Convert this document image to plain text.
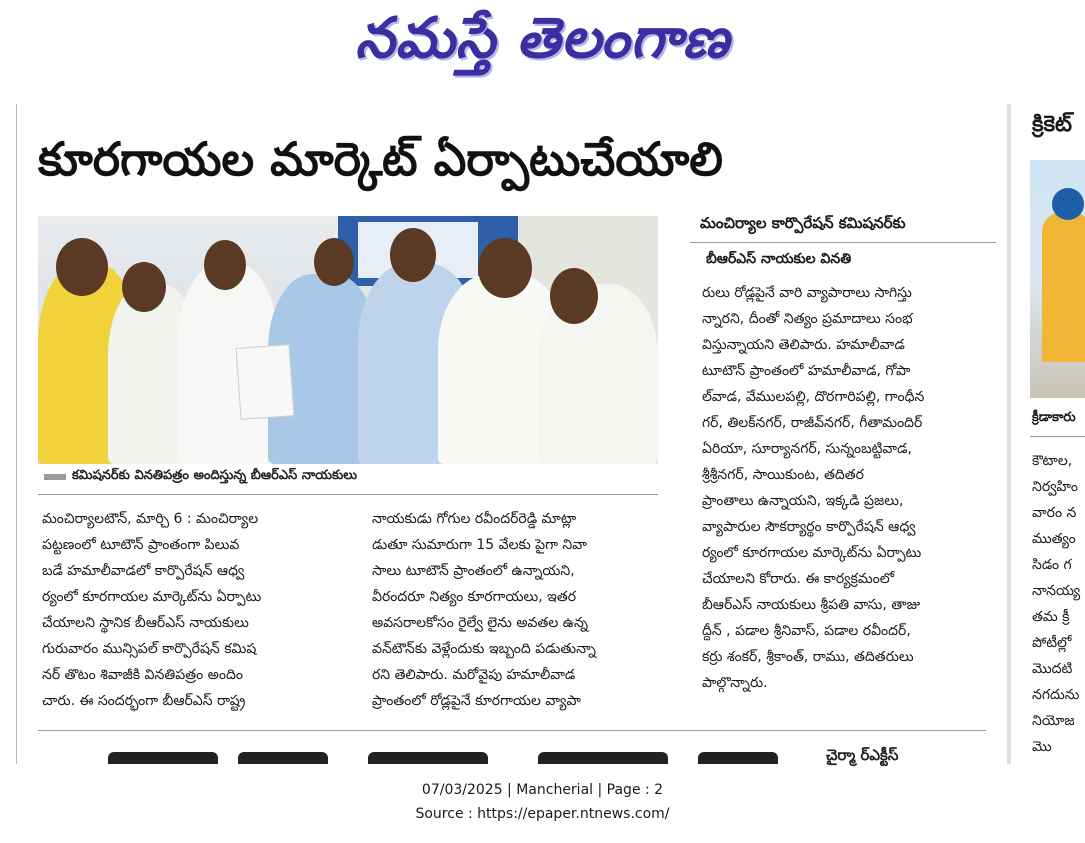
నమస్తే తెలంగాణ
కూరగాయల మార్కెట్ ఏర్పాటుచేయాలి
క్రికెట్
కమిషనర్‌కు వినతిపత్రం అందిస్తున్న బీఆర్‌ఎస్ నాయకులు
మంచిర్యాల కార్పొరేషన్ కమిషనర్‌కు
బీఆర్‌ఎస్ నాయకుల వినతి

మంచిర్యాలటౌన్, మార్చి 6 : మంచిర్యాల

పట్టణంలో టూటౌన్ ప్రాంతంగా పిలువ

బడే హమాలీవాడలో కార్పొరేషన్ ఆధ్వ

ర్యంలో కూరగాయల మార్కెట్‌ను ఏర్పాటు

చేయాలని స్థానిక బీఆర్‌ఎస్ నాయకులు

గురువారం మున్సిపల్ కార్పొరేషన్ కమిష

నర్ తొటం శివాజీకి వినతిపత్రం అందిం

చారు. ఈ సందర్భంగా బీఆర్‌ఎస్ రాష్ట్ర

నాయకుడు గోగుల రవీందర్‌రెడ్డి మాట్లా

డుతూ సుమారుగా 15 వేలకు పైగా నివా

సాలు టూటౌన్ ప్రాంతంలో ఉన్నాయని,

వీరందరూ నిత్యం కూరగాయలు, ఇతర

అవసరాలకోసం రైల్వే లైను అవతల ఉన్న

వన్‌టౌన్‌కు వెళ్లేందుకు ఇబ్బంది పడుతున్నా

రని తెలిపారు. మరోవైపు హమాలీవాడ

ప్రాంతంలో రోడ్లపైనే కూరగాయల వ్యాపా

రులు రోడ్లపైనే వారి వ్యాపారాలు సాగిస్తు

న్నారని, దీంతో నిత్యం ప్రమాదాలు సంభ

విస్తున్నాయని తెలిపారు. హమాలీవాడ

టూటౌన్ ప్రాంతంలో హమాలీవాడ, గోపా

ల్‌వాడ, వేములపల్లి, దొరగారిపల్లి, గాంధీన

గర్, తిలక్‌నగర్, రాజీవ్‌నగర్, గీతామందిర్

ఏరియా, సూర్యానగర్, సున్నంబట్టివాడ,

శ్రీశ్రీనగర్, సాయికుంట, తదితర

ప్రాంతాలు ఉన్నాయని, ఇక్కడి ప్రజలు,

వ్యాపారుల సౌకర్యార్థం కార్పొరేషన్ ఆధ్వ

ర్యంలో కూరగాయల మార్కెట్‌ను ఏర్పాటు

చేయాలని కోరారు. ఈ కార్యక్రమంలో

బీఆర్‌ఎస్ నాయకులు శ్రీపతి వాసు, తాజు

ద్దీన్ , పడాల శ్రీనివాస్, పడాల రవీందర్,

కర్రు శంకర్, శ్రీకాంత్, రాము, తదితరులు

పాల్గొన్నారు.

క్రీడాకారు

కౌటాల,

నిర్వహిం

వారం న

ముత్యం

సిడం గ

నానయ్య

తమ క్రీ

పోటీల్లో

మొదటి

నగదును

నియోజ

మొ

చైర్మా ర్ఎక్టీస్
07/03/2025 | Mancherial | Page : 2
Source : https://epaper.ntnews.com/
